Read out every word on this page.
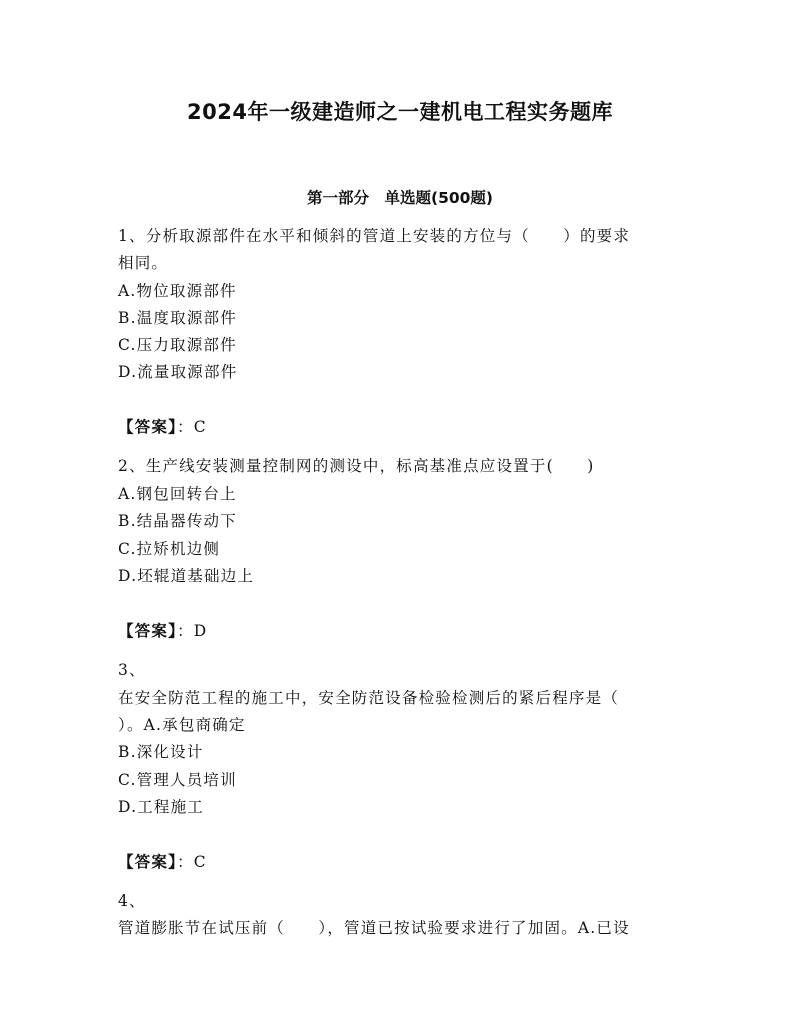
2024年一级建造师之一建机电工程实务题库
第一部分　单选题(500题)
1、分析取源部件在水平和倾斜的管道上安装的方位与（　　）的要求
相同。
A.物位取源部件
B.温度取源部件
C.压力取源部件
D.流量取源部件
【答案】：C
2、生产线安装测量控制网的测设中，标高基准点应设置于(　　)
A.钢包回转台上
B.结晶器传动下
C.拉矫机边侧
D.坯辊道基础边上
【答案】：D
3、
在安全防范工程的施工中，安全防范设备检验检测后的紧后程序是（
）。A.承包商确定
B.深化设计
C.管理人员培训
D.工程施工
【答案】：C
4、
管道膨胀节在试压前（　　），管道已按试验要求进行了加固。A.已设
